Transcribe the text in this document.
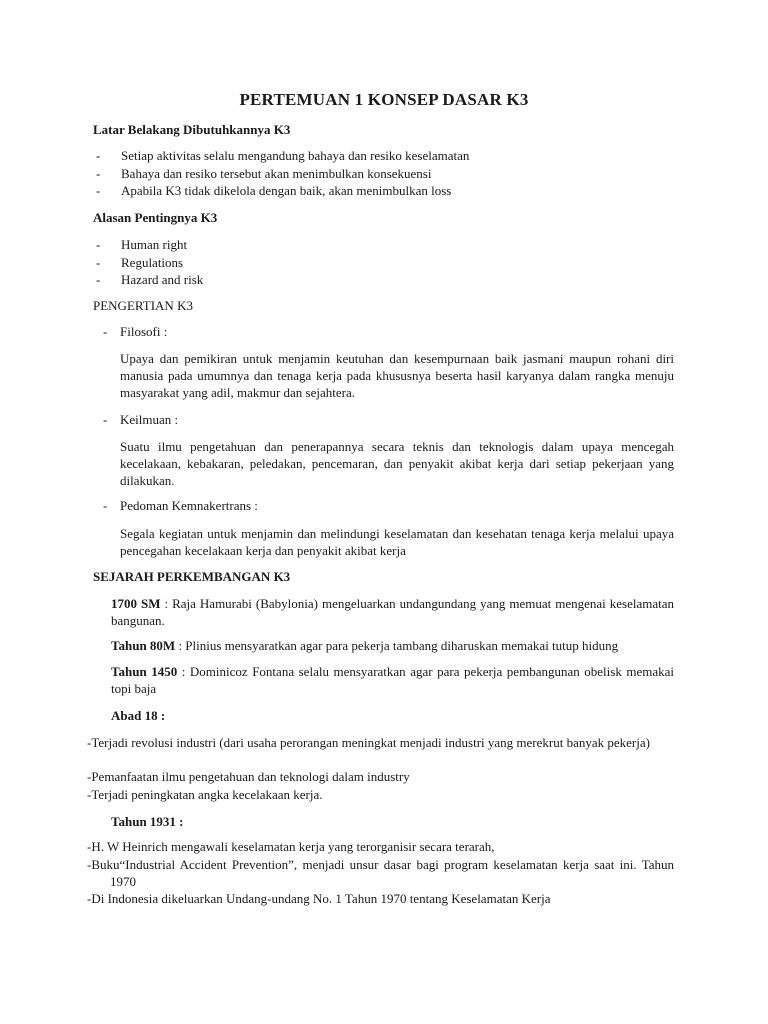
PERTEMUAN 1 KONSEP DASAR K3
Latar Belakang Dibutuhkannya K3
- Setiap aktivitas selalu mengandung bahaya dan resiko keselamatan
- Bahaya dan resiko tersebut akan menimbulkan konsekuensi
- Apabila K3 tidak dikelola dengan baik, akan menimbulkan loss
Alasan Pentingnya K3
- Human right
- Regulations
- Hazard and risk
PENGERTIAN K3
- Filosofi :
Upaya dan pemikiran untuk menjamin keutuhan dan kesempurnaan baik jasmani maupun rohani diri manusia pada umumnya dan tenaga kerja pada khususnya beserta hasil karyanya dalam rangka menuju masyarakat yang adil, makmur dan sejahtera.
- Keilmuan :
Suatu ilmu pengetahuan dan penerapannya secara teknis dan teknologis dalam upaya mencegah kecelakaan, kebakaran, peledakan, pencemaran, dan penyakit akibat kerja dari setiap pekerjaan yang dilakukan.
- Pedoman Kemnakertrans :
Segala kegiatan untuk menjamin dan melindungi keselamatan dan kesehatan tenaga kerja melalui upaya pencegahan kecelakaan kerja dan penyakit akibat kerja
SEJARAH PERKEMBANGAN K3
1700 SM : Raja Hamurabi (Babylonia) mengeluarkan undangundang yang memuat mengenai keselamatan bangunan.
Tahun 80M : Plinius mensyaratkan agar para pekerja tambang diharuskan memakai tutup hidung
Tahun 1450 : Dominicoz Fontana selalu mensyaratkan agar para pekerja pembangunan obelisk memakai topi baja
Abad 18 :
-Terjadi revolusi industri (dari usaha perorangan meningkat menjadi industri yang merekrut banyak pekerja)
-Pemanfaatan ilmu pengetahuan dan teknologi dalam industry
-Terjadi peningkatan angka kecelakaan kerja.
Tahun 1931 :
-H. W Heinrich mengawali keselamatan kerja yang terorganisir secara terarah,
-Buku“Industrial Accident Prevention”, menjadi unsur dasar bagi program keselamatan kerja saat ini. Tahun 1970
-Di Indonesia dikeluarkan Undang-undang No. 1 Tahun 1970 tentang Keselamatan Kerja
